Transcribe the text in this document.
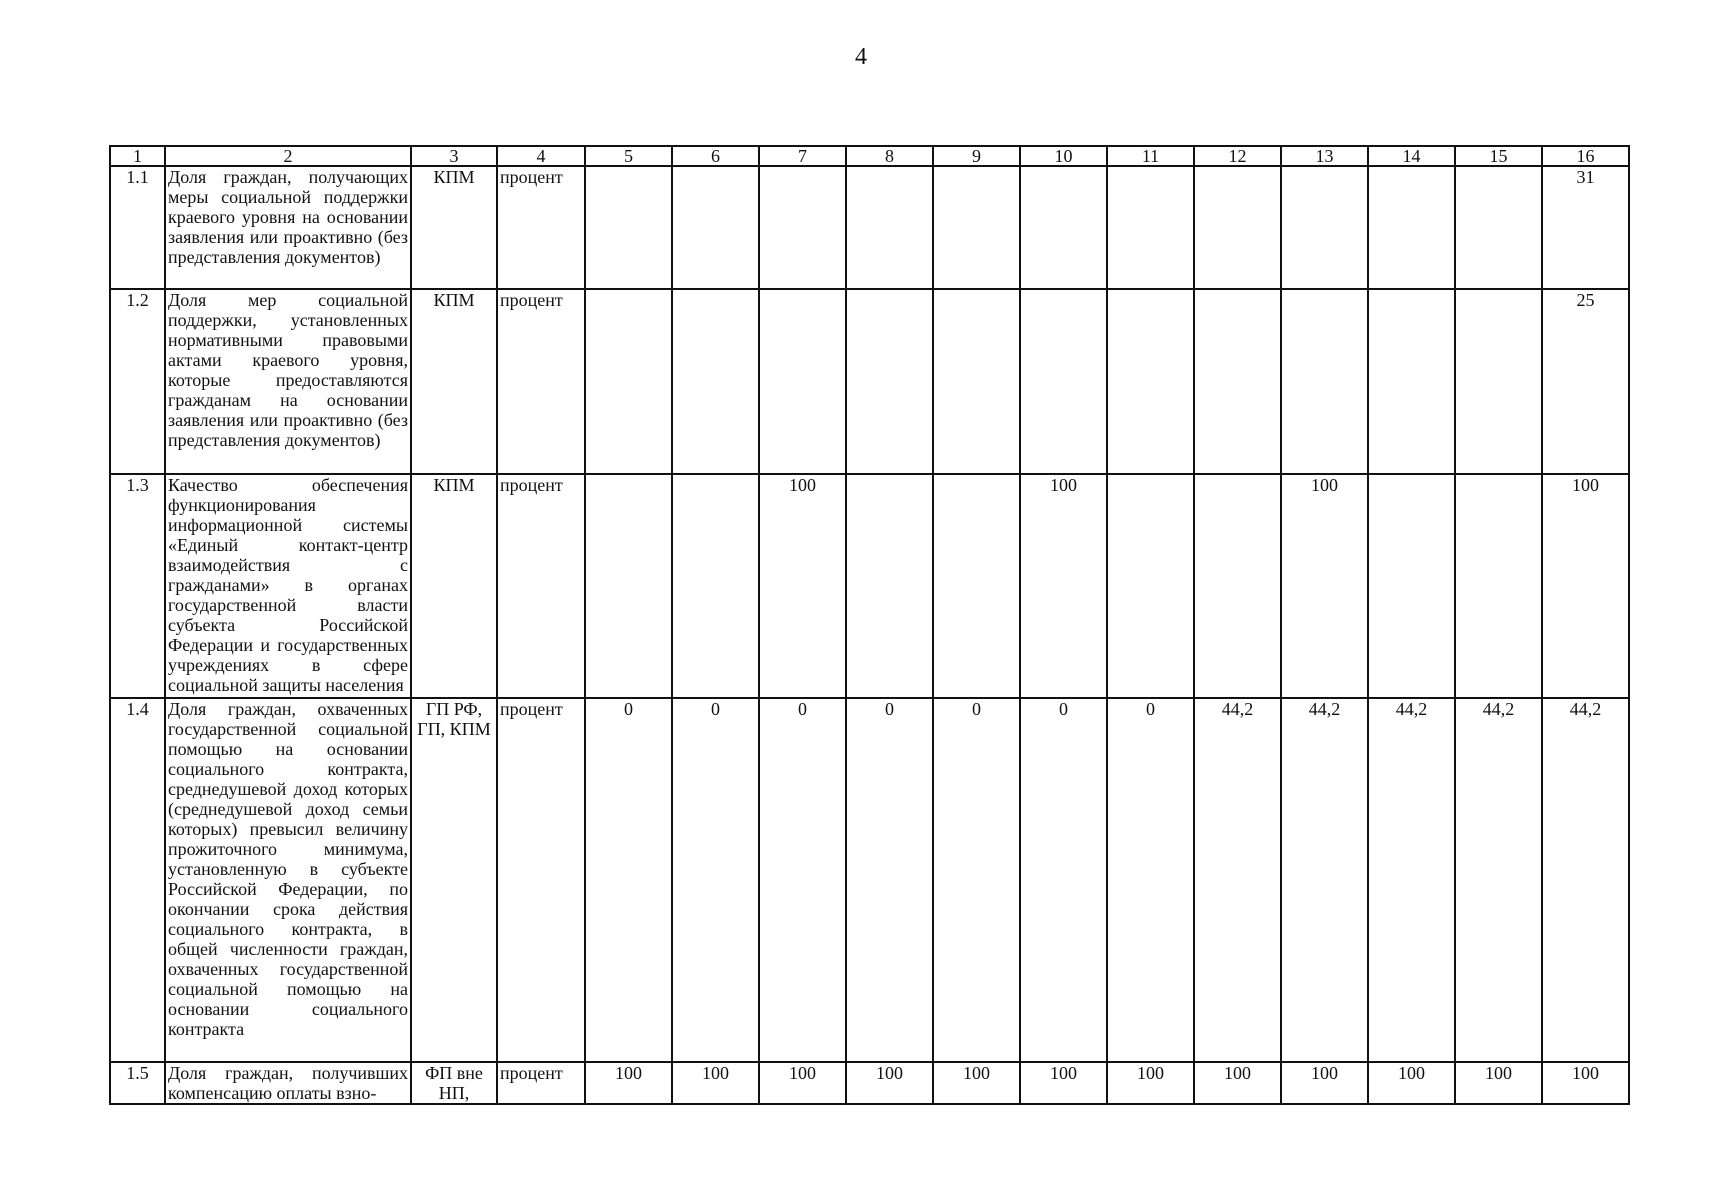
4
1	2	3	4	5	6	7	8	9	10	11	12	13	14	15	16
1.1	Доля граждан, получающих меры социальной поддержки краевого уровня на основании заявления или проактивно (без представления документов)	КПМ	процент												31
1.2	Доля мер социальной поддержки, установленных нормативными правовыми актами краевого уровня, которые предоставляются гражданам на основании заявления или проактивно (без представления документов)	КПМ	процент												25
1.3	Качество обеспечения функционирования информационной системы «Единый контакт-центр взаимодействия с гражданами» в органах государственной власти субъекта Российской Федерации и государственных учреждениях в сфере социальной защиты населения	КПМ	процент			100			100			100			100
1.4	Доля граждан, охваченных государственной социальной помощью на основании социального контракта, среднедушевой доход которых (среднедушевой доход семьи которых) превысил величину прожиточного минимума, установленную в субъекте Российской Федерации, по окончании срока действия социального контракта, в общей численности граждан, охваченных государственной социальной помощью на основании социального контракта	ГП РФ, ГП, КПМ	процент	0	0	0	0	0	0	0	44,2	44,2	44,2	44,2	44,2
1.5	Доля граждан, получивших компенсацию оплаты взно-	ФП вне НП,	процент	100	100	100	100	100	100	100	100	100	100	100	100
